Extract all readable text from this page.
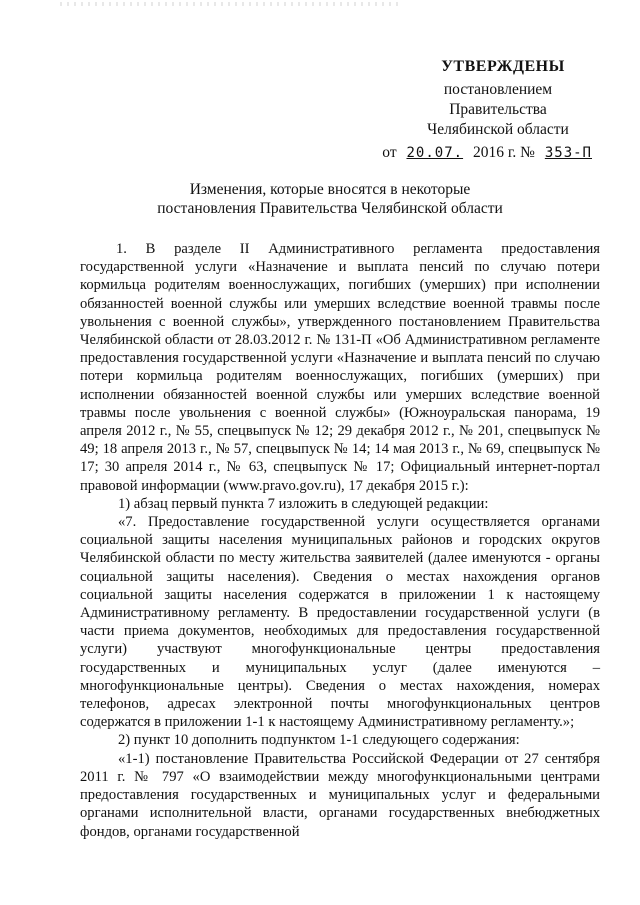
УТВЕРЖДЕНЫ
постановлением Правительства
Челябинской области
от 20.07. 2016 г. № 353-П
Изменения, которые вносятся в некоторые
постановления Правительства Челябинской области

1. В разделе II Административного регламента предоставления государственной услуги «Назначение и выплата пенсий по случаю потери кормильца родителям военнослужащих, погибших (умерших) при исполнении обязанностей военной службы или умерших вследствие военной травмы после увольнения с военной службы», утвержденного постановлением Правительства Челябинской области от 28.03.2012 г. № 131-П «Об Административном регламенте предоставления государственной услуги «Назначение и выплата пенсий по случаю потери кормильца родителям военнослужащих, погибших (умерших) при исполнении обязанностей военной службы или умерших вследствие военной травмы после увольнения с военной службы» (Южноуральская панорама, 19 апреля 2012 г., № 55, спецвыпуск № 12; 29 декабря 2012 г., № 201, спецвыпуск № 49; 18 апреля 2013 г., № 57, спецвыпуск № 14; 14 мая 2013 г., № 69, спецвыпуск № 17; 30 апреля 2014 г., № 63, спецвыпуск № 17; Официальный интернет-портал правовой информации (www.pravo.gov.ru), 17 декабря 2015 г.):

1) абзац первый пункта 7 изложить в следующей редакции:

«7. Предоставление государственной услуги осуществляется органами социальной защиты населения муниципальных районов и городских округов Челябинской области по месту жительства заявителей (далее именуются - органы социальной защиты населения). Сведения о местах нахождения органов социальной защиты населения содержатся в приложении 1 к настоящему Административному регламенту. В предоставлении государственной услуги (в части приема документов, необходимых для предоставления государственной услуги) участвуют многофункциональные центры предоставления государственных и муниципальных услуг (далее именуются – многофункциональные центры). Сведения о местах нахождения, номерах телефонов, адресах электронной почты многофункциональных центров содержатся в приложении 1-1 к настоящему Административному регламенту.»;

2) пункт 10 дополнить подпунктом 1-1 следующего содержания:

«1-1) постановление Правительства Российской Федерации от 27 сентября 2011 г. № 797 «О взаимодействии между многофункциональными центрами предоставления государственных и муниципальных услуг и федеральными органами исполнительной власти, органами государственных внебюджетных фондов, органами государственной
